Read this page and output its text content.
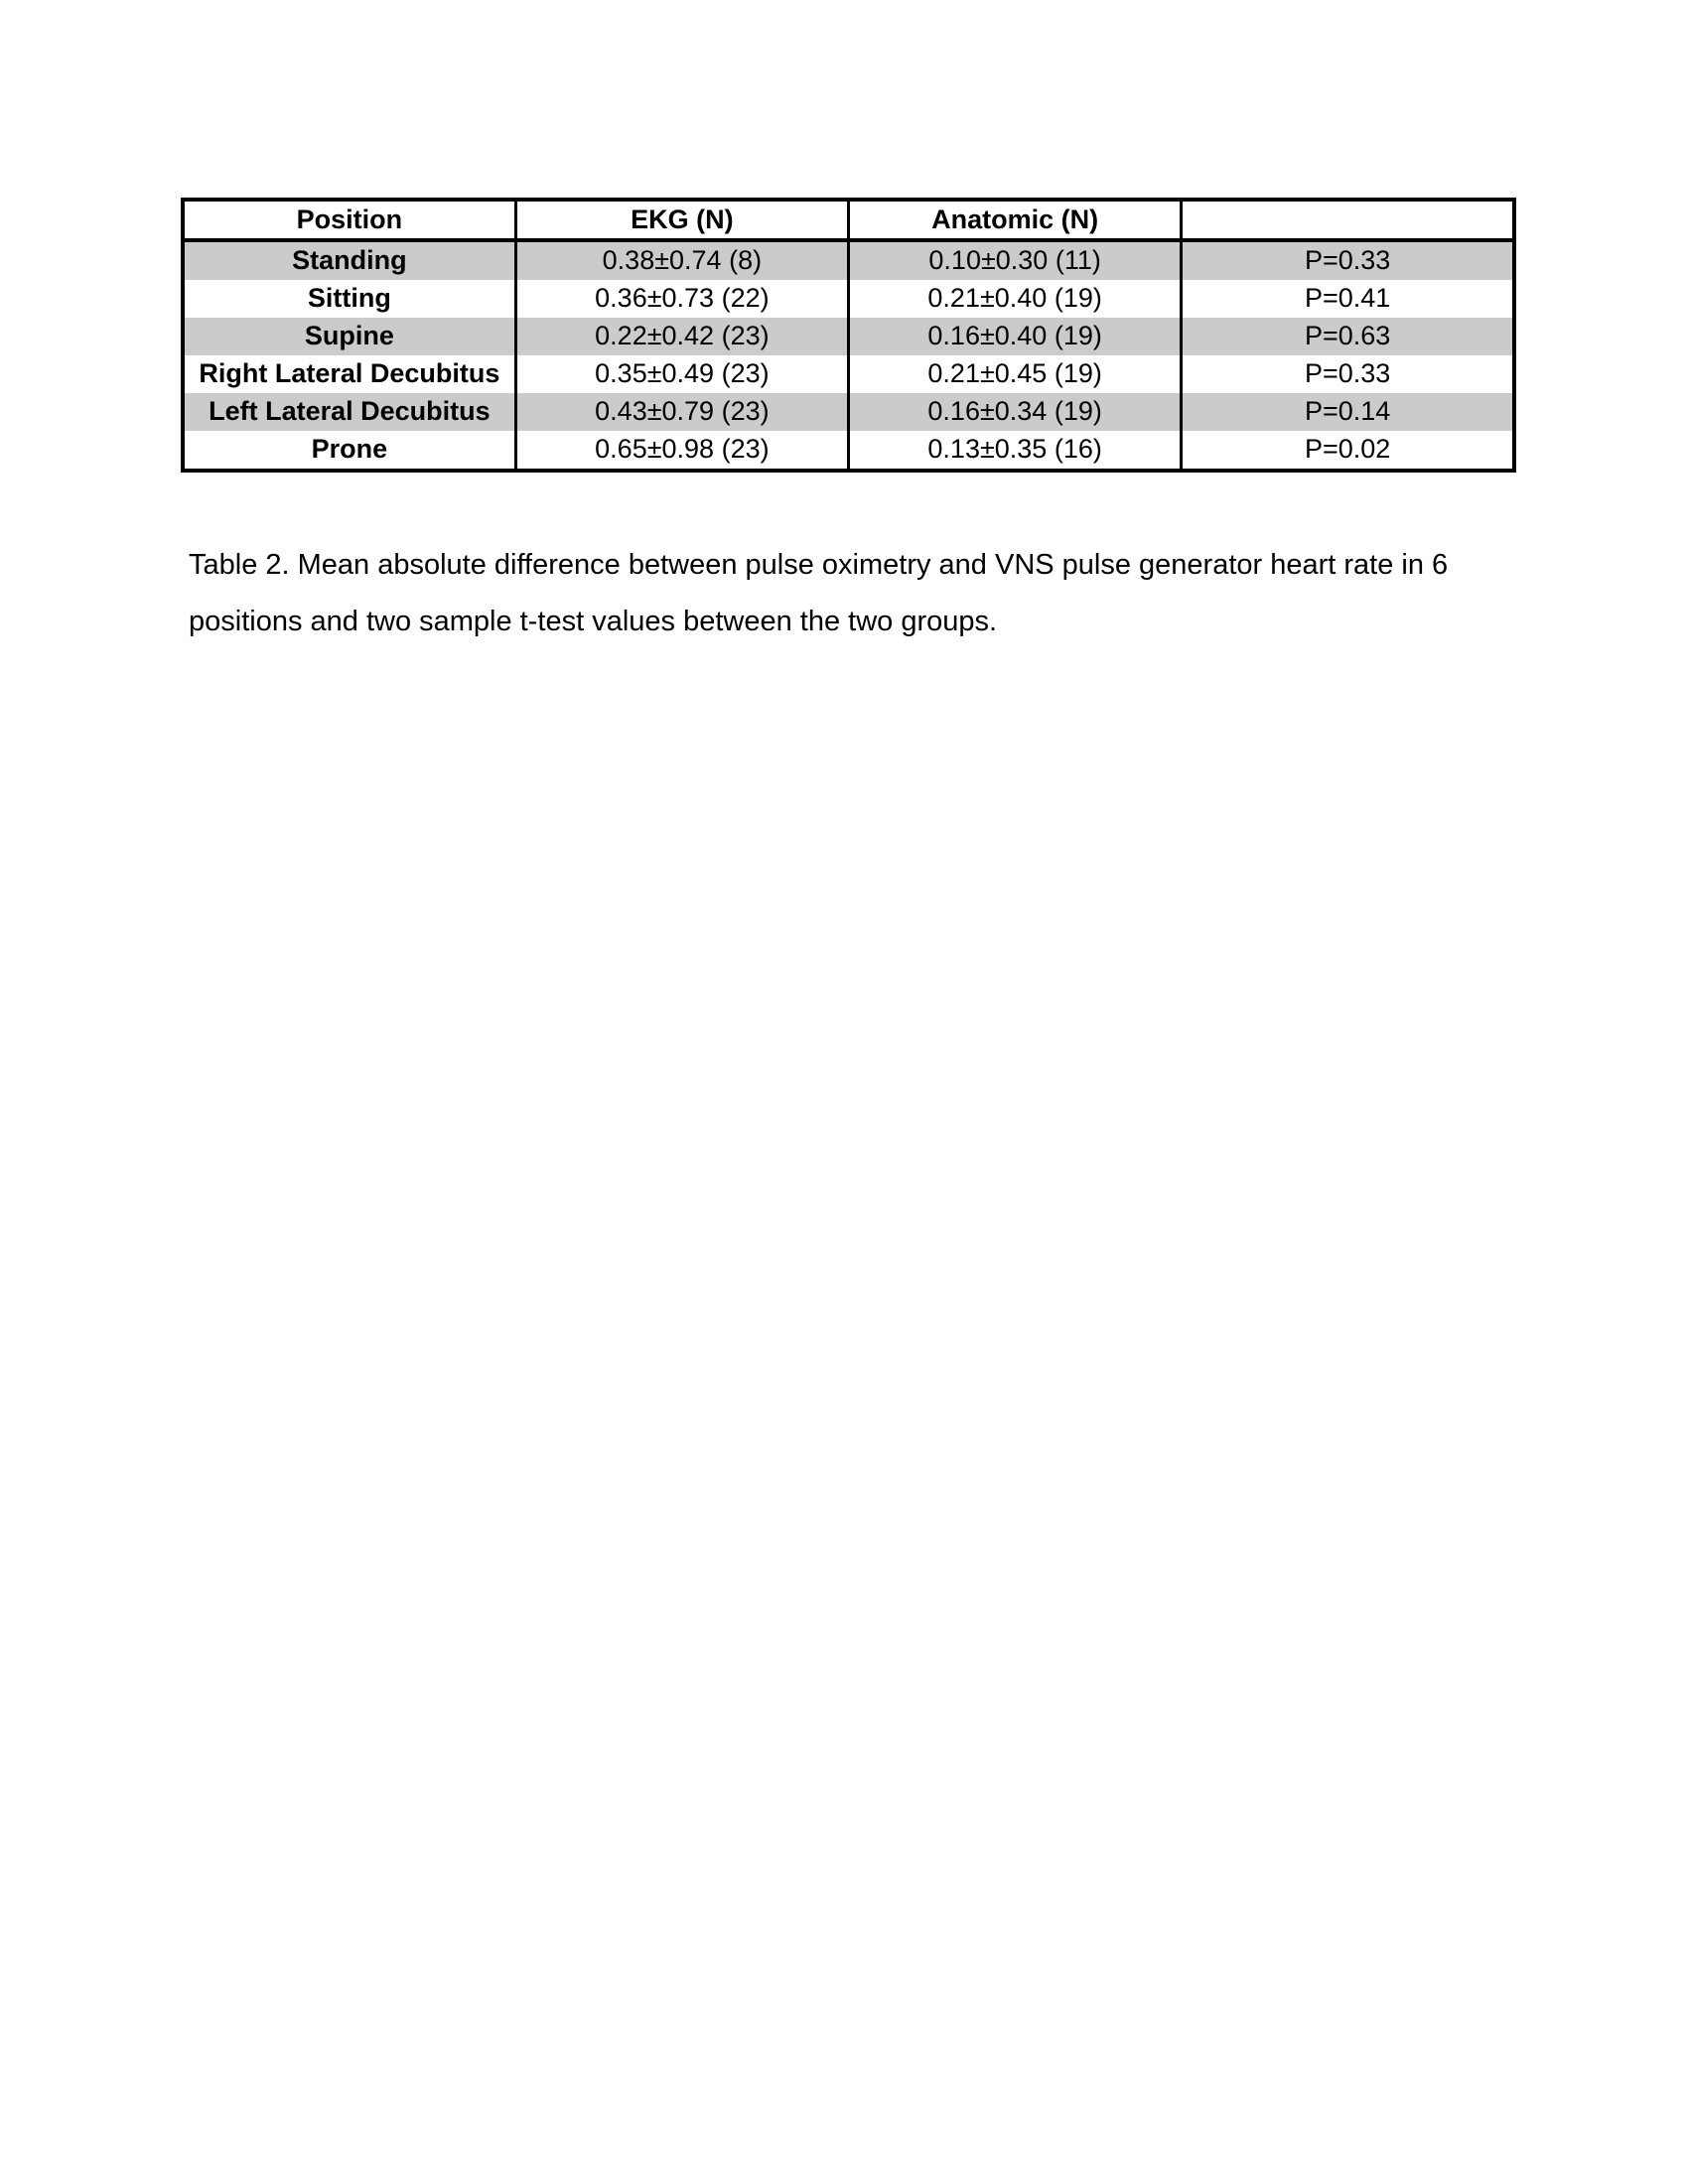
Position	EKG (N)	Anatomic (N)	
Standing	0.38±0.74 (8)	0.10±0.30 (11)	P=0.33
Sitting	0.36±0.73 (22)	0.21±0.40 (19)	P=0.41
Supine	0.22±0.42 (23)	0.16±0.40 (19)	P=0.63
Right Lateral Decubitus	0.35±0.49 (23)	0.21±0.45 (19)	P=0.33
Left Lateral Decubitus	0.43±0.79 (23)	0.16±0.34 (19)	P=0.14
Prone	0.65±0.98 (23)	0.13±0.35 (16)	P=0.02
Table 2. Mean absolute difference between pulse oximetry and VNS pulse generator heart rate in 6
positions and two sample t-test values between the two groups.
